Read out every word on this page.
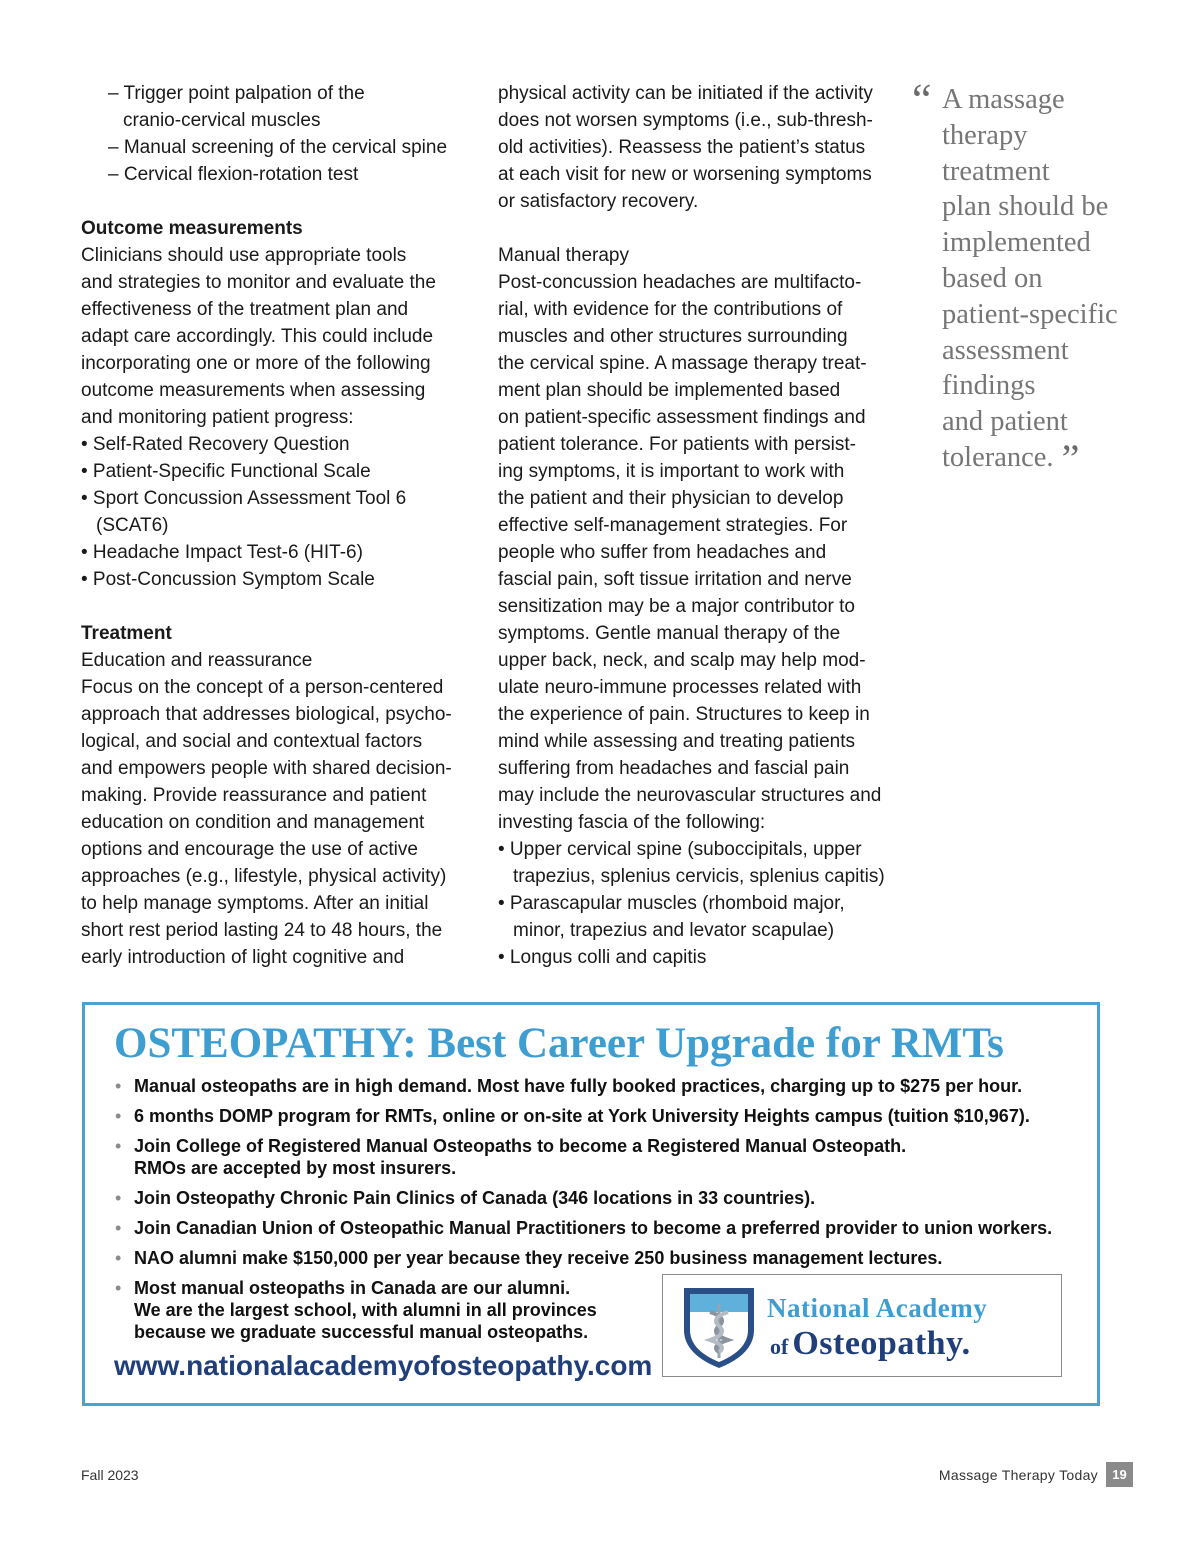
– Trigger point palpation of the
cranio-cervical muscles
– Manual screening of the cervical spine
– Cervical flexion-rotation test
Outcome measurements
Clinicians should use appropriate tools
and strategies to monitor and evaluate the
effectiveness of the treatment plan and
adapt care accordingly. This could include
incorporating one or more of the following
outcome measurements when assessing
and monitoring patient progress:
• Self-Rated Recovery Question
• Patient-Specific Functional Scale
• Sport Concussion Assessment Tool 6
(SCAT6)
• Headache Impact Test-6 (HIT-6)
• Post-Concussion Symptom Scale
Treatment
Education and reassurance
Focus on the concept of a person-centered
approach that addresses biological, psycho-
logical, and social and contextual factors
and empowers people with shared decision-
making. Provide reassurance and patient
education on condition and management
options and encourage the use of active
approaches (e.g., lifestyle, physical activity)
to help manage symptoms. After an initial
short rest period lasting 24 to 48 hours, the
early introduction of light cognitive and
physical activity can be initiated if the activity
does not worsen symptoms (i.e., sub-thresh-
old activities). Reassess the patient’s status
at each visit for new or worsening symptoms
or satisfactory recovery.
Manual therapy
Post-concussion headaches are multifacto-
rial, with evidence for the contributions of
muscles and other structures surrounding
the cervical spine. A massage therapy treat-
ment plan should be implemented based
on patient-specific assessment findings and
patient tolerance. For patients with persist-
ing symptoms, it is important to work with
the patient and their physician to develop
effective self-management strategies. For
people who suffer from headaches and
fascial pain, soft tissue irritation and nerve
sensitization may be a major contributor to
symptoms. Gentle manual therapy of the
upper back, neck, and scalp may help mod-
ulate neuro-immune processes related with
the experience of pain. Structures to keep in
mind while assessing and treating patients
suffering from headaches and fascial pain
may include the neurovascular structures and
investing fascia of the following:
• Upper cervical spine (suboccipitals, upper
trapezius, splenius cervicis, splenius capitis)
• Parascapular muscles (rhomboid major,
minor, trapezius and levator scapulae)
• Longus colli and capitis
“ A massage
therapy
treatment
plan should be
implemented
based on
patient-specific
assessment
findings
and patient
tolerance. ”
OSTEOPATHY: Best Career Upgrade for RMTs
• Manual osteopaths are in high demand. Most have fully booked practices, charging up to $275 per hour.
• 6 months DOMP program for RMTs, online or on-site at York University Heights campus (tuition $10,967).
• Join College of Registered Manual Osteopaths to become a Registered Manual Osteopath.
RMOs are accepted by most insurers.
• Join Osteopathy Chronic Pain Clinics of Canada (346 locations in 33 countries).
• Join Canadian Union of Osteopathic Manual Practitioners to become a preferred provider to union workers.
• NAO alumni make $150,000 per year because they receive 250 business management lectures.
• Most manual osteopaths in Canada are our alumni.
We are the largest school, with alumni in all provinces
because we graduate successful manual osteopaths.
www.nationalacademyofosteopathy.com
National Academy
of Osteopathy.
Fall 2023	Massage Therapy Today	19
